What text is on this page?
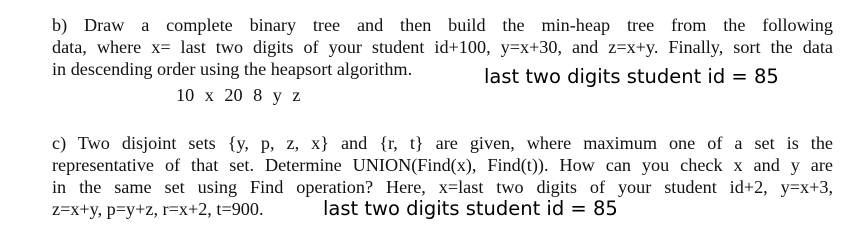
b) Draw a complete binary tree and then build the min-heap tree from the following
data, where x= last two digits of your student id+100, y=x+30, and z=x+y. Finally, sort the data
in descending order using the heapsort algorithm.	last two digits student id = 85
10 x 20 8 y z
c) Two disjoint sets {y, p, z, x} and {r, t} are given, where maximum one of a set is the
representative of that set. Determine UNION(Find(x), Find(t)). How can you check x and y are
in the same set using Find operation? Here, x=last two digits of your student id+2, y=x+3,
z=x+y, p=y+z, r=x+2, t=900.	last two digits student id = 85
